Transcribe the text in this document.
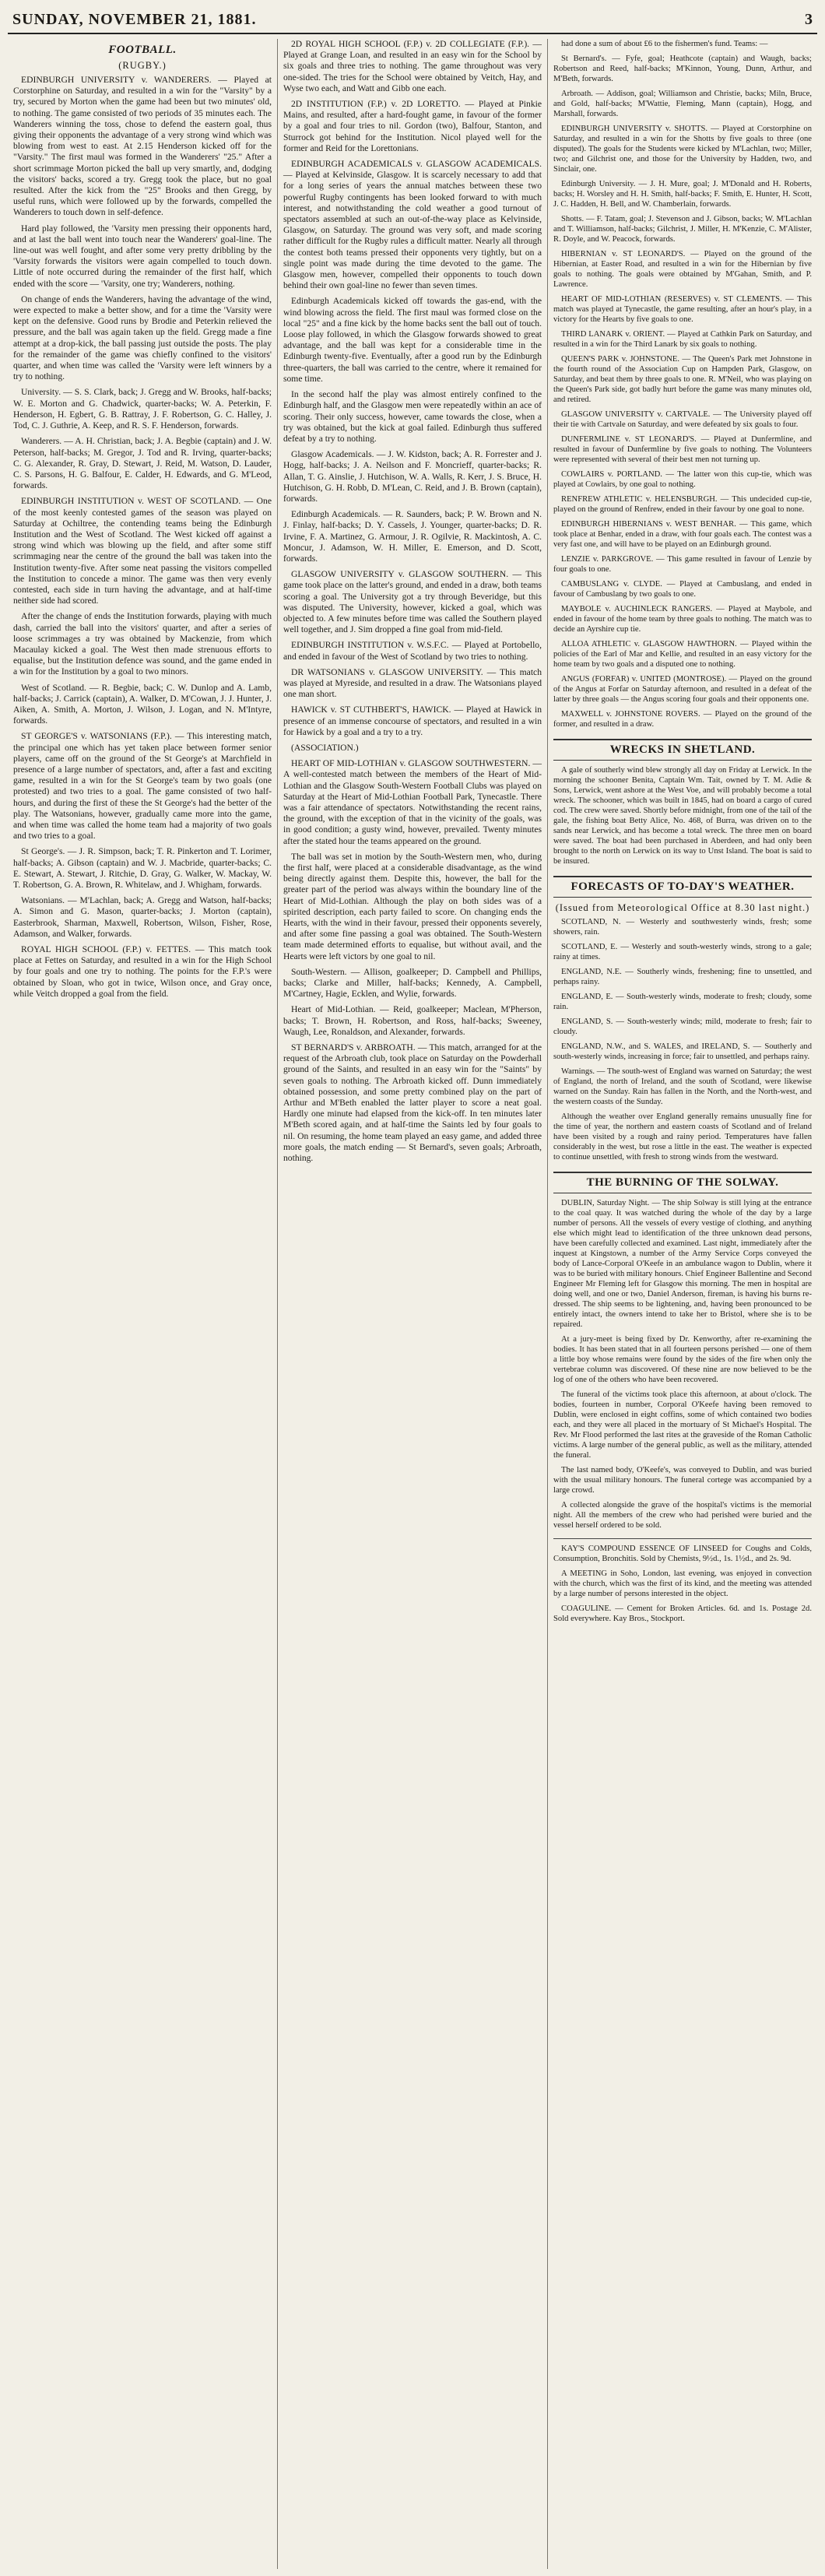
SUNDAY, NOVEMBER 21, 1881.	3
FOOTBALL.
(RUGBY.)

EDINBURGH UNIVERSITY v. WANDERERS. — Played at Corstorphine on Saturday, and resulted in a win for the "Varsity" by a try, secured by Morton when the game had been but two minutes' old, to nothing. The game consisted of two periods of 35 minutes each. The Wanderers winning the toss, chose to defend the eastern goal, thus giving their opponents the advantage of a very strong wind which was blowing from west to east. At 2.15 Henderson kicked off for the "Varsity." The first maul was formed in the Wanderers' "25." After a short scrimmage Morton picked the ball up very smartly, and, dodging the visitors' backs, scored a try. Gregg took the place, but no goal resulted. After the kick from the "25" Brooks and then Gregg, by useful runs, which were followed up by the forwards, compelled the Wanderers to touch down in self-defence.

Hard play followed, the 'Varsity men pressing their opponents hard, and at last the ball went into touch near the Wanderers' goal-line. The line-out was well fought, and after some very pretty dribbling by the 'Varsity forwards the visitors were again compelled to touch down. Little of note occurred during the remainder of the first half, which ended with the score — 'Varsity, one try; Wanderers, nothing.

On change of ends the Wanderers, having the advantage of the wind, were expected to make a better show, and for a time the 'Varsity were kept on the defensive. Good runs by Brodie and Peterkin relieved the pressure, and the ball was again taken up the field. Gregg made a fine attempt at a drop-kick, the ball passing just outside the posts. The play for the remainder of the game was chiefly confined to the visitors' quarter, and when time was called the 'Varsity were left winners by a try to nothing.

University. — S. S. Clark, back; J. Gregg and W. Brooks, half-backs; W. E. Morton and G. Chadwick, quarter-backs; W. A. Peterkin, F. Henderson, H. Egbert, G. B. Rattray, J. F. Robertson, G. C. Halley, J. Tod, C. J. Guthrie, A. Keep, and R. S. F. Henderson, forwards.

Wanderers. — A. H. Christian, back; J. A. Begbie (captain) and J. W. Peterson, half-backs; M. Gregor, J. Tod and R. Irving, quarter-backs; C. G. Alexander, R. Gray, D. Stewart, J. Reid, M. Watson, D. Lauder, C. S. Parsons, H. G. Balfour, E. Calder, H. Edwards, and G. M'Leod, forwards.

EDINBURGH INSTITUTION v. WEST OF SCOTLAND. — One of the most keenly contested games of the season was played on Saturday at Ochiltree, the contending teams being the Edinburgh Institution and the West of Scotland. The West kicked off against a strong wind which was blowing up the field, and after some stiff scrimmaging near the centre of the ground the ball was taken into the Institution twenty-five. After some neat passing the visitors compelled the Institution to concede a minor. The game was then very evenly contested, each side in turn having the advantage, and at half-time neither side had scored.

After the change of ends the Institution forwards, playing with much dash, carried the ball into the visitors' quarter, and after a series of loose scrimmages a try was obtained by Mackenzie, from which Macaulay kicked a goal. The West then made strenuous efforts to equalise, but the Institution defence was sound, and the game ended in a win for the Institution by a goal to two minors.

West of Scotland. — R. Begbie, back; C. W. Dunlop and A. Lamb, half-backs; J. Carrick (captain), A. Walker, D. M'Cowan, J. J. Hunter, J. Aiken, A. Smith, A. Morton, J. Wilson, J. Logan, and N. M'Intyre, forwards.

ST GEORGE'S v. WATSONIANS (F.P.). — This interesting match, the principal one which has yet taken place between former senior players, came off on the ground of the St George's at Marchfield in presence of a large number of spectators, and, after a fast and exciting game, resulted in a win for the St George's team by two goals (one protested) and two tries to a goal. The game consisted of two half-hours, and during the first of these the St George's had the better of the play. The Watsonians, however, gradually came more into the game, and when time was called the home team had a majority of two goals and two tries to a goal.

St George's. — J. R. Simpson, back; T. R. Pinkerton and T. Lorimer, half-backs; A. Gibson (captain) and W. J. Macbride, quarter-backs; C. E. Stewart, A. Stewart, J. Ritchie, D. Gray, G. Walker, W. Mackay, W. T. Robertson, G. A. Brown, R. Whitelaw, and J. Whigham, forwards.

Watsonians. — M'Lachlan, back; A. Gregg and Watson, half-backs; A. Simon and G. Mason, quarter-backs; J. Morton (captain), Easterbrook, Sharman, Maxwell, Robertson, Wilson, Fisher, Rose, Adamson, and Walker, forwards.

ROYAL HIGH SCHOOL (F.P.) v. FETTES. — This match took place at Fettes on Saturday, and resulted in a win for the High School by four goals and one try to nothing. The points for the F.P.'s were obtained by Sloan, who got in twice, Wilson once, and Gray once, while Veitch dropped a goal from the field.

2D ROYAL HIGH SCHOOL (F.P.) v. 2D COLLEGIATE (F.P.). — Played at Grange Loan, and resulted in an easy win for the School by six goals and three tries to nothing. The game throughout was very one-sided. The tries for the School were obtained by Veitch, Hay, and Wyse two each, and Watt and Gibb one each.

2D INSTITUTION (F.P.) v. 2D LORETTO. — Played at Pinkie Mains, and resulted, after a hard-fought game, in favour of the former by a goal and four tries to nil. Gordon (two), Balfour, Stanton, and Sturrock got behind for the Institution. Nicol played well for the former and Reid for the Lorettonians.

EDINBURGH ACADEMICALS v. GLASGOW ACADEMICALS. — Played at Kelvinside, Glasgow. It is scarcely necessary to add that for a long series of years the annual matches between these two powerful Rugby contingents has been looked forward to with much interest, and notwithstanding the cold weather a good turnout of spectators assembled at such an out-of-the-way place as Kelvinside, Glasgow, on Saturday. The ground was very soft, and made scoring rather difficult for the Rugby rules a difficult matter. Nearly all through the contest both teams pressed their opponents very tightly, but on a single point was made during the time devoted to the game. The Glasgow men, however, compelled their opponents to touch down behind their own goal-line no fewer than seven times.

Edinburgh Academicals kicked off towards the gas-end, with the wind blowing across the field. The first maul was formed close on the local "25" and a fine kick by the home backs sent the ball out of touch. Loose play followed, in which the Glasgow forwards showed to great advantage, and the ball was kept for a considerable time in the Edinburgh twenty-five. Eventually, after a good run by the Edinburgh three-quarters, the ball was carried to the centre, where it remained for some time.

In the second half the play was almost entirely confined to the Edinburgh half, and the Glasgow men were repeatedly within an ace of scoring. Their only success, however, came towards the close, when a try was obtained, but the kick at goal failed. Edinburgh thus suffered defeat by a try to nothing.

Glasgow Academicals. — J. W. Kidston, back; A. R. Forrester and J. Hogg, half-backs; J. A. Neilson and F. Moncrieff, quarter-backs; R. Allan, T. G. Ainslie, J. Hutchison, W. A. Walls, R. Kerr, J. S. Bruce, H. Hutchison, G. H. Robb, D. M'Lean, C. Reid, and J. B. Brown (captain), forwards.

Edinburgh Academicals. — R. Saunders, back; P. W. Brown and N. J. Finlay, half-backs; D. Y. Cassels, J. Younger, quarter-backs; D. R. Irvine, F. A. Martinez, G. Armour, J. R. Ogilvie, R. Mackintosh, A. C. Moncur, J. Adamson, W. H. Miller, E. Emerson, and D. Scott, forwards.

GLASGOW UNIVERSITY v. GLASGOW SOUTHERN. — This game took place on the latter's ground, and ended in a draw, both teams scoring a goal. The University got a try through Beveridge, but this was disputed. The University, however, kicked a goal, which was objected to. A few minutes before time was called the Southern played well together, and J. Sim dropped a fine goal from mid-field.

EDINBURGH INSTITUTION v. W.S.F.C. — Played at Portobello, and ended in favour of the West of Scotland by two tries to nothing.

DR WATSONIANS v. GLASGOW UNIVERSITY. — This match was played at Myreside, and resulted in a draw. The Watsonians played one man short.

HAWICK v. ST CUTHBERT'S, HAWICK. — Played at Hawick in presence of an immense concourse of spectators, and resulted in a win for Hawick by a goal and a try to a try.

(ASSOCIATION.)

HEART OF MID-LOTHIAN v. GLASGOW SOUTHWESTERN. — A well-contested match between the members of the Heart of Mid-Lothian and the Glasgow South-Western Football Clubs was played on Saturday at the Heart of Mid-Lothian Football Park, Tynecastle. There was a fair attendance of spectators. Notwithstanding the recent rains, the ground, with the exception of that in the vicinity of the goals, was in good condition; a gusty wind, however, prevailed. Twenty minutes after the stated hour the teams appeared on the ground.

The ball was set in motion by the South-Western men, who, during the first half, were placed at a considerable disadvantage, as the wind being directly against them. Despite this, however, the ball for the greater part of the period was always within the boundary line of the Heart of Mid-Lothian. Although the play on both sides was of a spirited description, each party failed to score. On changing ends the Hearts, with the wind in their favour, pressed their opponents severely, and after some fine passing a goal was obtained. The South-Western team made determined efforts to equalise, but without avail, and the Hearts were left victors by one goal to nil.

South-Western. — Allison, goalkeeper; D. Campbell and Phillips, backs; Clarke and Miller, half-backs; Kennedy, A. Campbell, M'Cartney, Hagie, Ecklen, and Wylie, forwards.

Heart of Mid-Lothian. — Reid, goalkeeper; Maclean, M'Pherson, backs; T. Brown, H. Robertson, and Ross, half-backs; Sweeney, Waugh, Lee, Ronaldson, and Alexander, forwards.

ST BERNARD'S v. ARBROATH. — This match, arranged for at the request of the Arbroath club, took place on Saturday on the Powderhall ground of the Saints, and resulted in an easy win for the "Saints" by seven goals to nothing. The Arbroath kicked off. Dunn immediately obtained possession, and some pretty combined play on the part of Arthur and M'Beth enabled the latter player to score a neat goal. Hardly one minute had elapsed from the kick-off. In ten minutes later M'Beth scored again, and at half-time the Saints led by four goals to nil. On resuming, the home team played an easy game, and added three more goals, the match ending — St Bernard's, seven goals; Arbroath, nothing.

had done a sum of about £6 to the fishermen's fund. Teams: —

St Bernard's. — Fyfe, goal; Heathcote (captain) and Waugh, backs; Robertson and Reed, half-backs; M'Kinnon, Young, Dunn, Arthur, and M'Beth, forwards.

Arbroath. — Addison, goal; Williamson and Christie, backs; Miln, Bruce, and Gold, half-backs; M'Wattie, Fleming, Mann (captain), Hogg, and Marshall, forwards.

EDINBURGH UNIVERSITY v. SHOTTS. — Played at Corstorphine on Saturday, and resulted in a win for the Shotts by five goals to three (one disputed). The goals for the Students were kicked by M'Lachlan, two; Miller, two; and Gilchrist one, and those for the University by Hadden, two, and Sinclair, one.

Edinburgh University. — J. H. Mure, goal; J. M'Donald and H. Roberts, backs; H. Worsley and H. H. Smith, half-backs; F. Smith, E. Hunter, H. Scott, J. C. Hadden, H. Bell, and W. Chamberlain, forwards.

Shotts. — F. Tatam, goal; J. Stevenson and J. Gibson, backs; W. M'Lachlan and T. Williamson, half-backs; Gilchrist, J. Miller, H. M'Kenzie, C. M'Alister, R. Doyle, and W. Peacock, forwards.

HIBERNIAN v. ST LEONARD'S. — Played on the ground of the Hibernian, at Easter Road, and resulted in a win for the Hibernian by five goals to nothing. The goals were obtained by M'Gahan, Smith, and P. Lawrence.

HEART OF MID-LOTHIAN (RESERVES) v. ST CLEMENTS. — This match was played at Tynecastle, the game resulting, after an hour's play, in a victory for the Hearts by five goals to one.

THIRD LANARK v. ORIENT. — Played at Cathkin Park on Saturday, and resulted in a win for the Third Lanark by six goals to nothing.

QUEEN'S PARK v. JOHNSTONE. — The Queen's Park met Johnstone in the fourth round of the Association Cup on Hampden Park, Glasgow, on Saturday, and beat them by three goals to one. R. M'Neil, who was playing on the Queen's Park side, got badly hurt before the game was many minutes old, and retired.

GLASGOW UNIVERSITY v. CARTVALE. — The University played off their tie with Cartvale on Saturday, and were defeated by six goals to four.

DUNFERMLINE v. ST LEONARD'S. — Played at Dunfermline, and resulted in favour of Dunfermline by five goals to nothing. The Volunteers were represented with several of their best men not turning up.

COWLAIRS v. PORTLAND. — The latter won this cup-tie, which was played at Cowlairs, by one goal to nothing.

RENFREW ATHLETIC v. HELENSBURGH. — This undecided cup-tie, played on the ground of Renfrew, ended in their favour by one goal to none.

EDINBURGH HIBERNIANS v. WEST BENHAR. — This game, which took place at Benhar, ended in a draw, with four goals each. The contest was a very fast one, and will have to be played on an Edinburgh ground.

LENZIE v. PARKGROVE. — This game resulted in favour of Lenzie by four goals to one.

CAMBUSLANG v. CLYDE. — Played at Cambuslang, and ended in favour of Cambuslang by two goals to one.

MAYBOLE v. AUCHINLECK RANGERS. — Played at Maybole, and ended in favour of the home team by three goals to nothing. The match was to decide an Ayrshire cup tie.

ALLOA ATHLETIC v. GLASGOW HAWTHORN. — Played within the policies of the Earl of Mar and Kellie, and resulted in an easy victory for the home team by two goals and a disputed one to nothing.

ANGUS (FORFAR) v. UNITED (MONTROSE). — Played on the ground of the Angus at Forfar on Saturday afternoon, and resulted in a defeat of the latter by three goals — the Angus scoring four goals and their opponents one.

MAXWELL v. JOHNSTONE ROVERS. — Played on the ground of the former, and resulted in a draw.

WRECKS IN SHETLAND.

A gale of southerly wind blew strongly all day on Friday at Lerwick. In the morning the schooner Benita, Captain Wm. Tait, owned by T. M. Adie & Sons, Lerwick, went ashore at the West Voe, and will probably become a total wreck. The schooner, which was built in 1845, had on board a cargo of cured cod. The crew were saved. Shortly before midnight, from one of the tail of the gale, the fishing boat Betty Alice, No. 468, of Burra, was driven on to the sands near Lerwick, and has become a total wreck. The three men on board were saved. The boat had been purchased in Aberdeen, and had only been brought to the north on Lerwick on its way to Unst Island. The boat is said to be insured.

FORECASTS OF TO-DAY'S WEATHER.
(Issued from Meteorological Office at 8.30 last night.)

SCOTLAND, N. — Westerly and southwesterly winds, fresh; some showers, rain.

SCOTLAND, E. — Westerly and south-westerly winds, strong to a gale; rainy at times.

ENGLAND, N.E. — Southerly winds, freshening; fine to unsettled, and perhaps rainy.

ENGLAND, E. — South-westerly winds, moderate to fresh; cloudy, some rain.

ENGLAND, S. — South-westerly winds; mild, moderate to fresh; fair to cloudy.

ENGLAND, N.W., and S. WALES, and IRELAND, S. — Southerly and south-westerly winds, increasing in force; fair to unsettled, and perhaps rainy.

Warnings. — The south-west of England was warned on Saturday; the west of England, the north of Ireland, and the south of Scotland, were likewise warned on the Sunday. Rain has fallen in the North, and the North-west, and the western coasts of the Sunday.

Although the weather over England generally remains unusually fine for the time of year, the northern and eastern coasts of Scotland and of Ireland have been visited by a rough and rainy period. Temperatures have fallen considerably in the west, but rose a little in the east. The weather is expected to continue unsettled, with fresh to strong winds from the westward.

THE BURNING OF THE SOLWAY.

DUBLIN, Saturday Night. — The ship Solway is still lying at the entrance to the coal quay. It was watched during the whole of the day by a large number of persons. All the vessels of every vestige of clothing, and anything else which might lead to identification of the three unknown dead persons, have been carefully collected and examined. Last night, immediately after the inquest at Kingstown, a number of the Army Service Corps conveyed the body of Lance-Corporal O'Keefe in an ambulance wagon to Dublin, where it was to be buried with military honours. Chief Engineer Ballentine and Second Engineer Mr Fleming left for Glasgow this morning. The men in hospital are doing well, and one or two, Daniel Anderson, fireman, is having his burns re-dressed. The ship seems to be lightening, and, having been pronounced to be entirely intact, the owners intend to take her to Bristol, where she is to be repaired.

At a jury-meet is being fixed by Dr. Kenworthy, after re-examining the bodies. It has been stated that in all fourteen persons perished — one of them a little boy whose remains were found by the sides of the fire when only the vertebrae column was discovered. Of these nine are now believed to be the log of one of the others who have been recovered.

The funeral of the victims took place this afternoon, at about o'clock. The bodies, fourteen in number, Corporal O'Keefe having been removed to Dublin, were enclosed in eight coffins, some of which contained two bodies each, and they were all placed in the mortuary of St Michael's Hospital. The Rev. Mr Flood performed the last rites at the graveside of the Roman Catholic victims. A large number of the general public, as well as the military, attended the funeral.

The last named body, O'Keefe's, was conveyed to Dublin, and was buried with the usual military honours. The funeral cortege was accompanied by a large crowd.

A collected alongside the grave of the hospital's victims is the memorial night. All the members of the crew who had perished were buried and the vessel herself ordered to be sold.

KAY'S COMPOUND ESSENCE OF LINSEED for Coughs and Colds, Consumption, Bronchitis. Sold by Chemists, 9½d., 1s. 1½d., and 2s. 9d.

A MEETING in Soho, London, last evening, was enjoyed in convection with the church, which was the first of its kind, and the meeting was attended by a large number of persons interested in the object.

COAGULINE. — Cement for Broken Articles. 6d. and 1s. Postage 2d. Sold everywhere. Kay Bros., Stockport.
